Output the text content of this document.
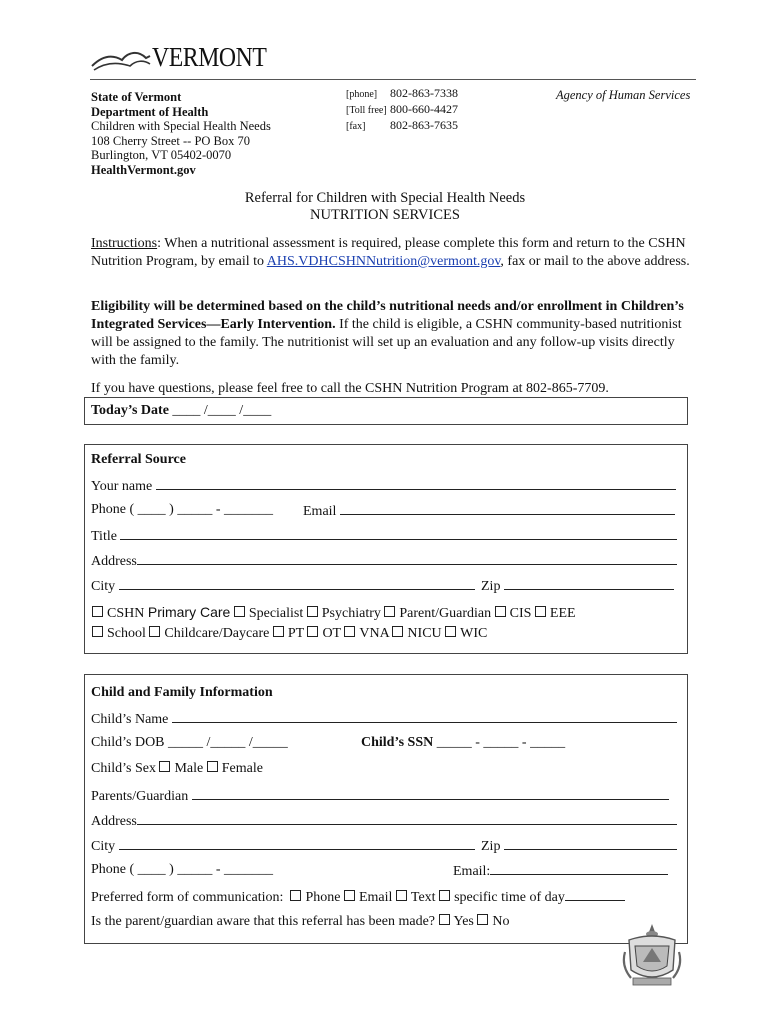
VERMONT
State of Vermont
Department of Health
Children with Special Health Needs
108 Cherry Street -- PO Box 70
Burlington, VT 05402-0070
HealthVermont.gov
[phone] 802-863-7338
[Toll free] 800-660-4427
[fax] 802-863-7635
Agency of Human Services
Referral for Children with Special Health Needs
NUTRITION SERVICES
Instructions: When a nutritional assessment is required, please complete this form and return to the CSHN Nutrition Program, by email to AHS.VDHCSHNNutrition@vermont.gov, fax or mail to the above address.
Eligibility will be determined based on the child’s nutritional needs and/or enrollment in Children’s Integrated Services—Early Intervention. If the child is eligible, a CSHN community-based nutritionist will be assigned to the family. The nutritionist will set up an evaluation and any follow-up visits directly with the family.
If you have questions, please feel free to call the CSHN Nutrition Program at 802-865-7709.
Today’s Date ____ /____ /____
Referral Source
Your name
Phone ( ____ ) _____ - _______ Email
Title
Address
City	Zip
CSHN Primary Care Specialist Psychiatry Parent/Guardian CIS EEE
School Childcare/Daycare PT OT VNA NICU WIC
Child and Family Information
Child’s Name
Child’s DOB _____ /_____ /_____	Child’s SSN _____ - _____ - _____
Child’s Sex Male Female
Parents/Guardian
Address
City	Zip
Phone ( ____ ) _____ - _______	Email:
Preferred form of communication: Phone Email Text specific time of day
Is the parent/guardian aware that this referral has been made? Yes No
